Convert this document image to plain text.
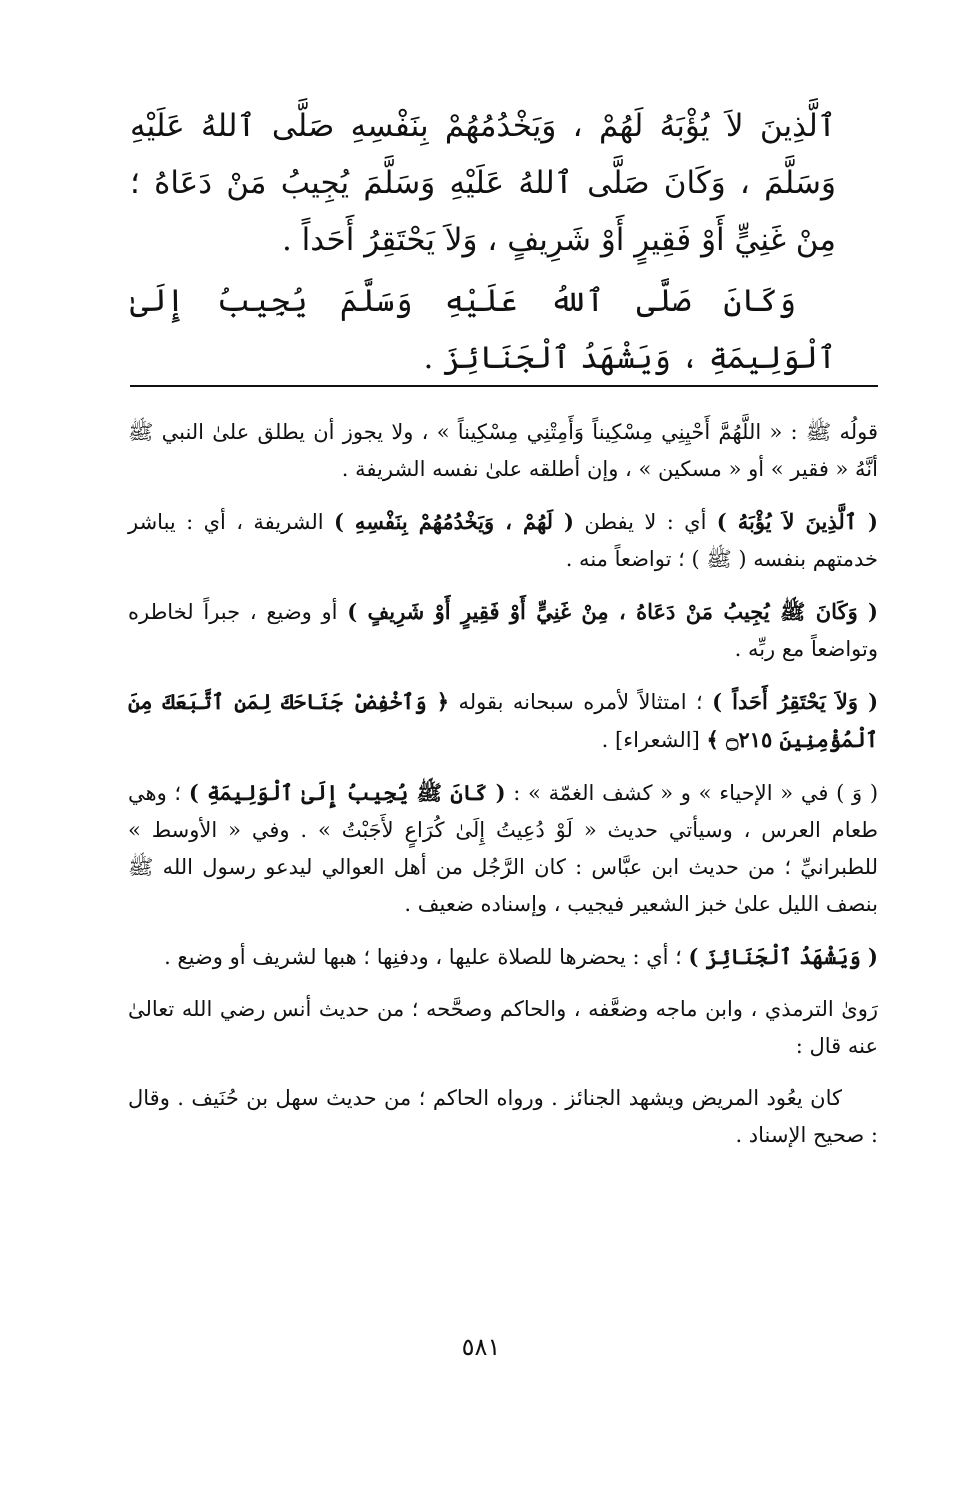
ٱلَّذِينَ لاَ يُؤْبَهُ لَهُمْ ، وَيَخْدُمُهُمْ بِنَفْسِهِ صَلَّى ٱللهُ عَلَيْهِ وَسَلَّمَ ، وَكَانَ صَلَّى ٱللهُ عَلَيْهِ وَسَلَّمَ يُجِيبُ مَنْ دَعَاهُ ؛ مِنْ غَنِيٍّ أَوْ فَقِيرٍ أَوْ شَرِيفٍ ، وَلاَ يَحْتَقِرُ أَحَداً .

وَكَانَ صَلَّى ٱللهُ عَلَيْهِ وَسَلَّمَ يُجِيبُ إِلَىٰ ٱلْوَلِيمَةِ ، وَيَشْهَدُ ٱلْجَنَائِزَ .

قولُه ﷺ : « اللَّهُمَّ أَحْيِنِي مِسْكِيناً وَأَمِتْنِي مِسْكِيناً » ، ولا يجوز أن يطلق علىٰ النبي ﷺ أنَّهُ « فقير » أو « مسكين » ، وإن أطلقه علىٰ نفسه الشريفة .

( ٱلَّذِينَ لاَ يُؤْبَهُ ) أي : لا يفطن ( لَهُمْ ، وَيَخْدُمُهُمْ بِنَفْسِهِ ) الشريفة ، أي : يباشر خدمتهم بنفسه ( ﷺ ) ؛ تواضعاً منه .

( وَكَانَ ﷺ يُجِيبُ مَنْ دَعَاهُ ، مِنْ غَنِيٍّ أَوْ فَقِيرٍ أَوْ شَرِيفٍ ) أو وضيع ، جبراً لخاطره وتواضعاً مع ربِّه .

( وَلاَ يَحْتَقِرُ أَحَداً ) ؛ امتثالاً لأمره سبحانه بقوله ﴿ وَٱخْفِضْ جَنَاحَكَ لِمَنِ ٱتَّبَعَكَ مِنَ ٱلْمُؤْمِنِينَ ۝٢١٥ ﴾ [الشعراء] .

( وَ ) في « الإحياء » و « كشف الغمّة » : ( كَانَ ﷺ يُجِيبُ إِلَىٰ ٱلْوَلِيمَةِ ) ؛ وهي طعام العرس ، وسيأتي حديث « لَوْ دُعِيتُ إِلَىٰ كُرَاعٍ لأَجَبْتُ » . وفي « الأوسط » للطبرانيِّ ؛ من حديث ابن عبَّاس : كان الرَّجُل من أهل العوالي ليدعو رسول الله ﷺ بنصف الليل علىٰ خبز الشعير فيجيب ، وإسناده ضعيف .

( وَيَشْهَدُ ٱلْجَنَائِزَ ) ؛ أي : يحضرها للصلاة عليها ، ودفنِها ؛ هبها لشريف أو وضيع .

رَوىٰ الترمذي ، وابن ماجه وضعَّفه ، والحاكم وصحَّحه ؛ من حديث أنس رضي الله تعالىٰ عنه قال :

كان يعُود المريض ويشهد الجنائز . ورواه الحاكم ؛ من حديث سهل بن حُنَيف . وقال : صحيح الإسناد .

٥٨١
